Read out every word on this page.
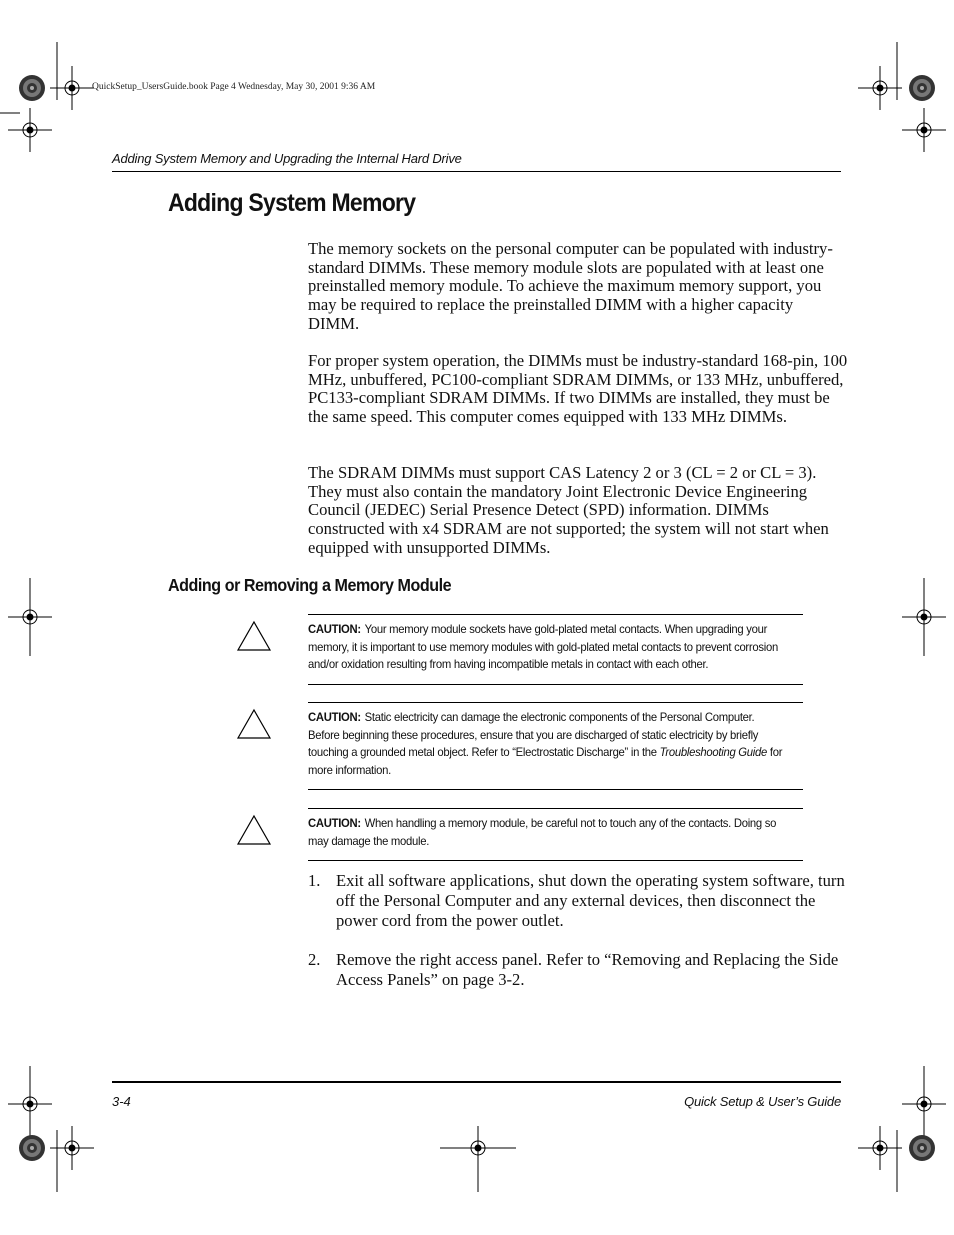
QuickSetup_UsersGuide.book Page 4 Wednesday, May 30, 2001 9:36 AM
Adding System Memory and Upgrading the Internal Hard Drive
Adding System Memory

The memory sockets on the personal computer can be populated with industry-standard DIMMs. These memory module slots are populated with at least one preinstalled memory module. To achieve the maximum memory support, you may be required to replace the preinstalled DIMM with a higher capacity DIMM.

For proper system operation, the DIMMs must be industry-standard 168-pin, 100 MHz, unbuffered, PC100-compliant SDRAM DIMMs, or 133 MHz, unbuffered, PC133-compliant SDRAM DIMMs. If two DIMMs are installed, they must be the same speed. This computer comes equipped with 133 MHz DIMMs.

The SDRAM DIMMs must support CAS Latency 2 or 3 (CL = 2 or CL = 3). They must also contain the mandatory Joint Electronic Device Engineering Council (JEDEC) Serial Presence Detect (SPD) information. DIMMs constructed with x4 SDRAM are not supported; the system will not start when equipped with unsupported DIMMs.

Adding or Removing a Memory Module
CAUTION: Your memory module sockets have gold-plated metal contacts. When upgrading your memory, it is important to use memory modules with gold-plated metal contacts to prevent corrosion and/or oxidation resulting from having incompatible metals in contact with each other.
CAUTION: Static electricity can damage the electronic components of the Personal Computer. Before beginning these procedures, ensure that you are discharged of static electricity by briefly touching a grounded metal object. Refer to “Electrostatic Discharge” in the Troubleshooting Guide for more information.
CAUTION: When handling a memory module, be careful not to touch any of the contacts. Doing so may damage the module.
1. Exit all software applications, shut down the operating system software, turn off the Personal Computer and any external devices, then disconnect the power cord from the power outlet.
2. Remove the right access panel. Refer to “Removing and Replacing the Side Access Panels” on page 3-2.
3-4	Quick Setup & User’s Guide
